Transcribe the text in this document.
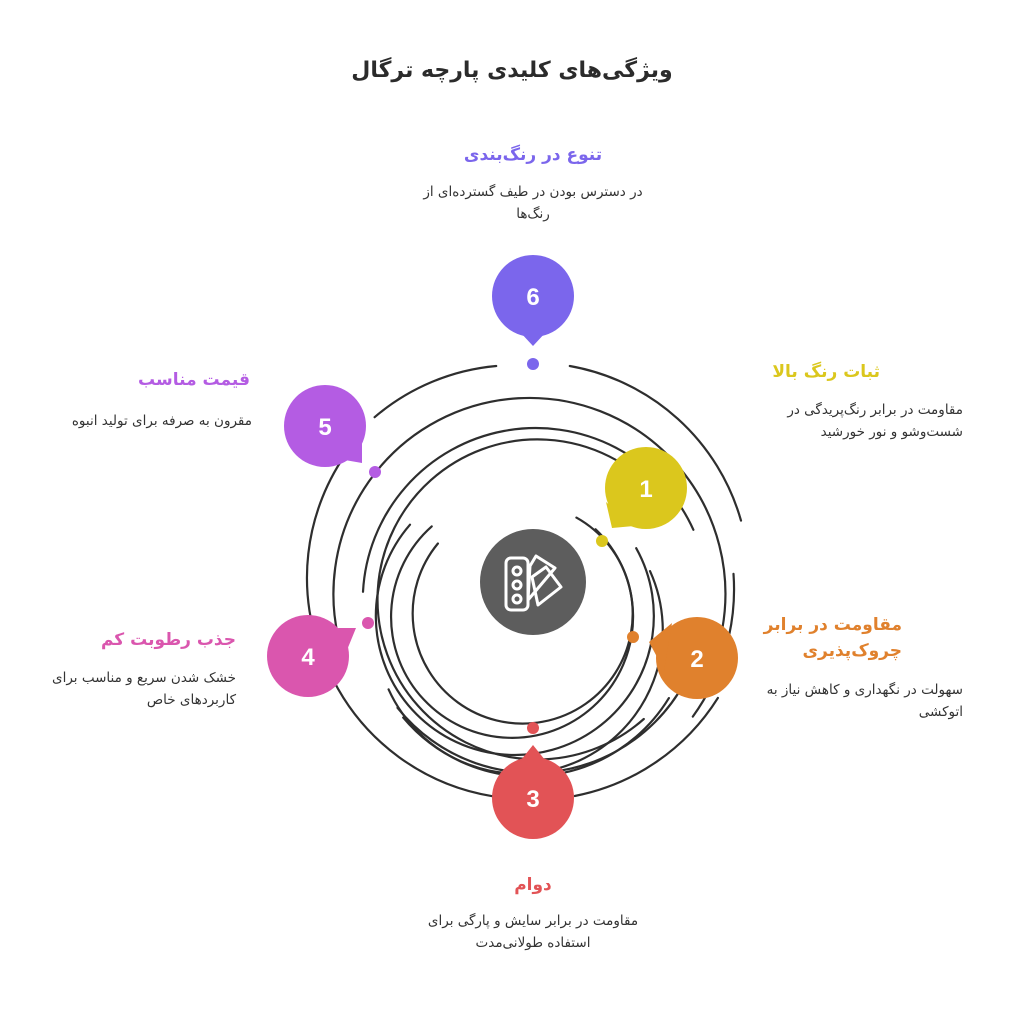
ویژگی‌های کلیدی پارچه ترگال
1
2
3
4
5
6
تنوع در رنگ‌بندی
در دسترس بودن در طیف گسترده‌ای از رنگ‌ها
ثبات رنگ بالا
مقاومت در برابر رنگ‌پریدگی در شست‌وشو و نور خورشید
قیمت مناسب
مقرون به صرفه برای تولید انبوه
مقاومت در برابر چروک‌پذیری
سهولت در نگهداری و کاهش نیاز به اتوکشی
جذب رطوبت کم
خشک شدن سریع و مناسب برای کاربردهای خاص
دوام
مقاومت در برابر سایش و پارگی برای استفاده طولانی‌مدت
